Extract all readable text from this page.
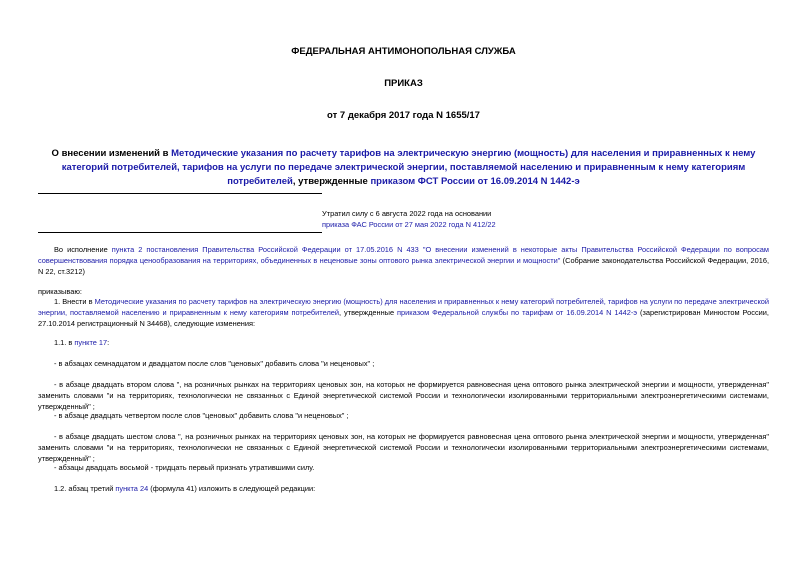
ФЕДЕРАЛЬНАЯ АНТИМОНОПОЛЬНАЯ СЛУЖБА
ПРИКАЗ
от 7 декабря 2017 года N 1655/17
О внесении изменений в Методические указания по расчету тарифов на электрическую энергию (мощность) для населения и приравненных к нему категорий потребителей, тарифов на услуги по передаче электрической энергии, поставляемой населению и приравненным к нему категориям потребителей, утвержденные приказом ФСТ России от 16.09.2014 N 1442-э
Утратил силу с 6 августа 2022 года на основании
приказа ФАС России от 27 мая 2022 года N 412/22
Во исполнение пункта 2 постановления Правительства Российской Федерации от 17.05.2016 N 433 "О внесении изменений в некоторые акты Правительства Российской Федерации по вопросам совершенствования порядка ценообразования на территориях, объединенных в неценовые зоны оптового рынка электрической энергии и мощности" (Собрание законодательства Российской Федерации, 2016, N 22, ст.3212)
приказываю:
1. Внести в Методические указания по расчету тарифов на электрическую энергию (мощность) для населения и приравненных к нему категорий потребителей, тарифов на услуги по передаче электрической энергии, поставляемой населению и приравненным к нему категориям потребителей, утвержденные приказом Федеральной службы по тарифам от 16.09.2014 N 1442-э (зарегистрирован Минюстом России, 27.10.2014 регистрационный N 34468), следующие изменения:
1.1. в пункте 17:
- в абзацах семнадцатом и двадцатом после слов "ценовых" добавить слова "и неценовых" ;
- в абзаце двадцать втором слова ", на розничных рынках на территориях ценовых зон, на которых не формируется равновесная цена оптового рынка электрической энергии и мощности, утвержденная" заменить словами "и на территориях, технологически не связанных с Единой энергетической системой России и технологически изолированными территориальными электроэнергетическими системами, утвержденный" ;
- в абзаце двадцать четвертом после слов "ценовых" добавить слова "и неценовых" ;
- в абзаце двадцать шестом слова ", на розничных рынках на территориях ценовых зон, на которых не формируется равновесная цена оптового рынка электрической энергии и мощности, утвержденная" заменить словами "и на территориях, технологически не связанных с Единой энергетической системой России и технологически изолированными территориальными электроэнергетическими системами, утвержденный" ;
- абзацы двадцать восьмой - тридцать первый признать утратившими силу.
1.2. абзац третий пункта 24 (формула 41) изложить в следующей редакции:
